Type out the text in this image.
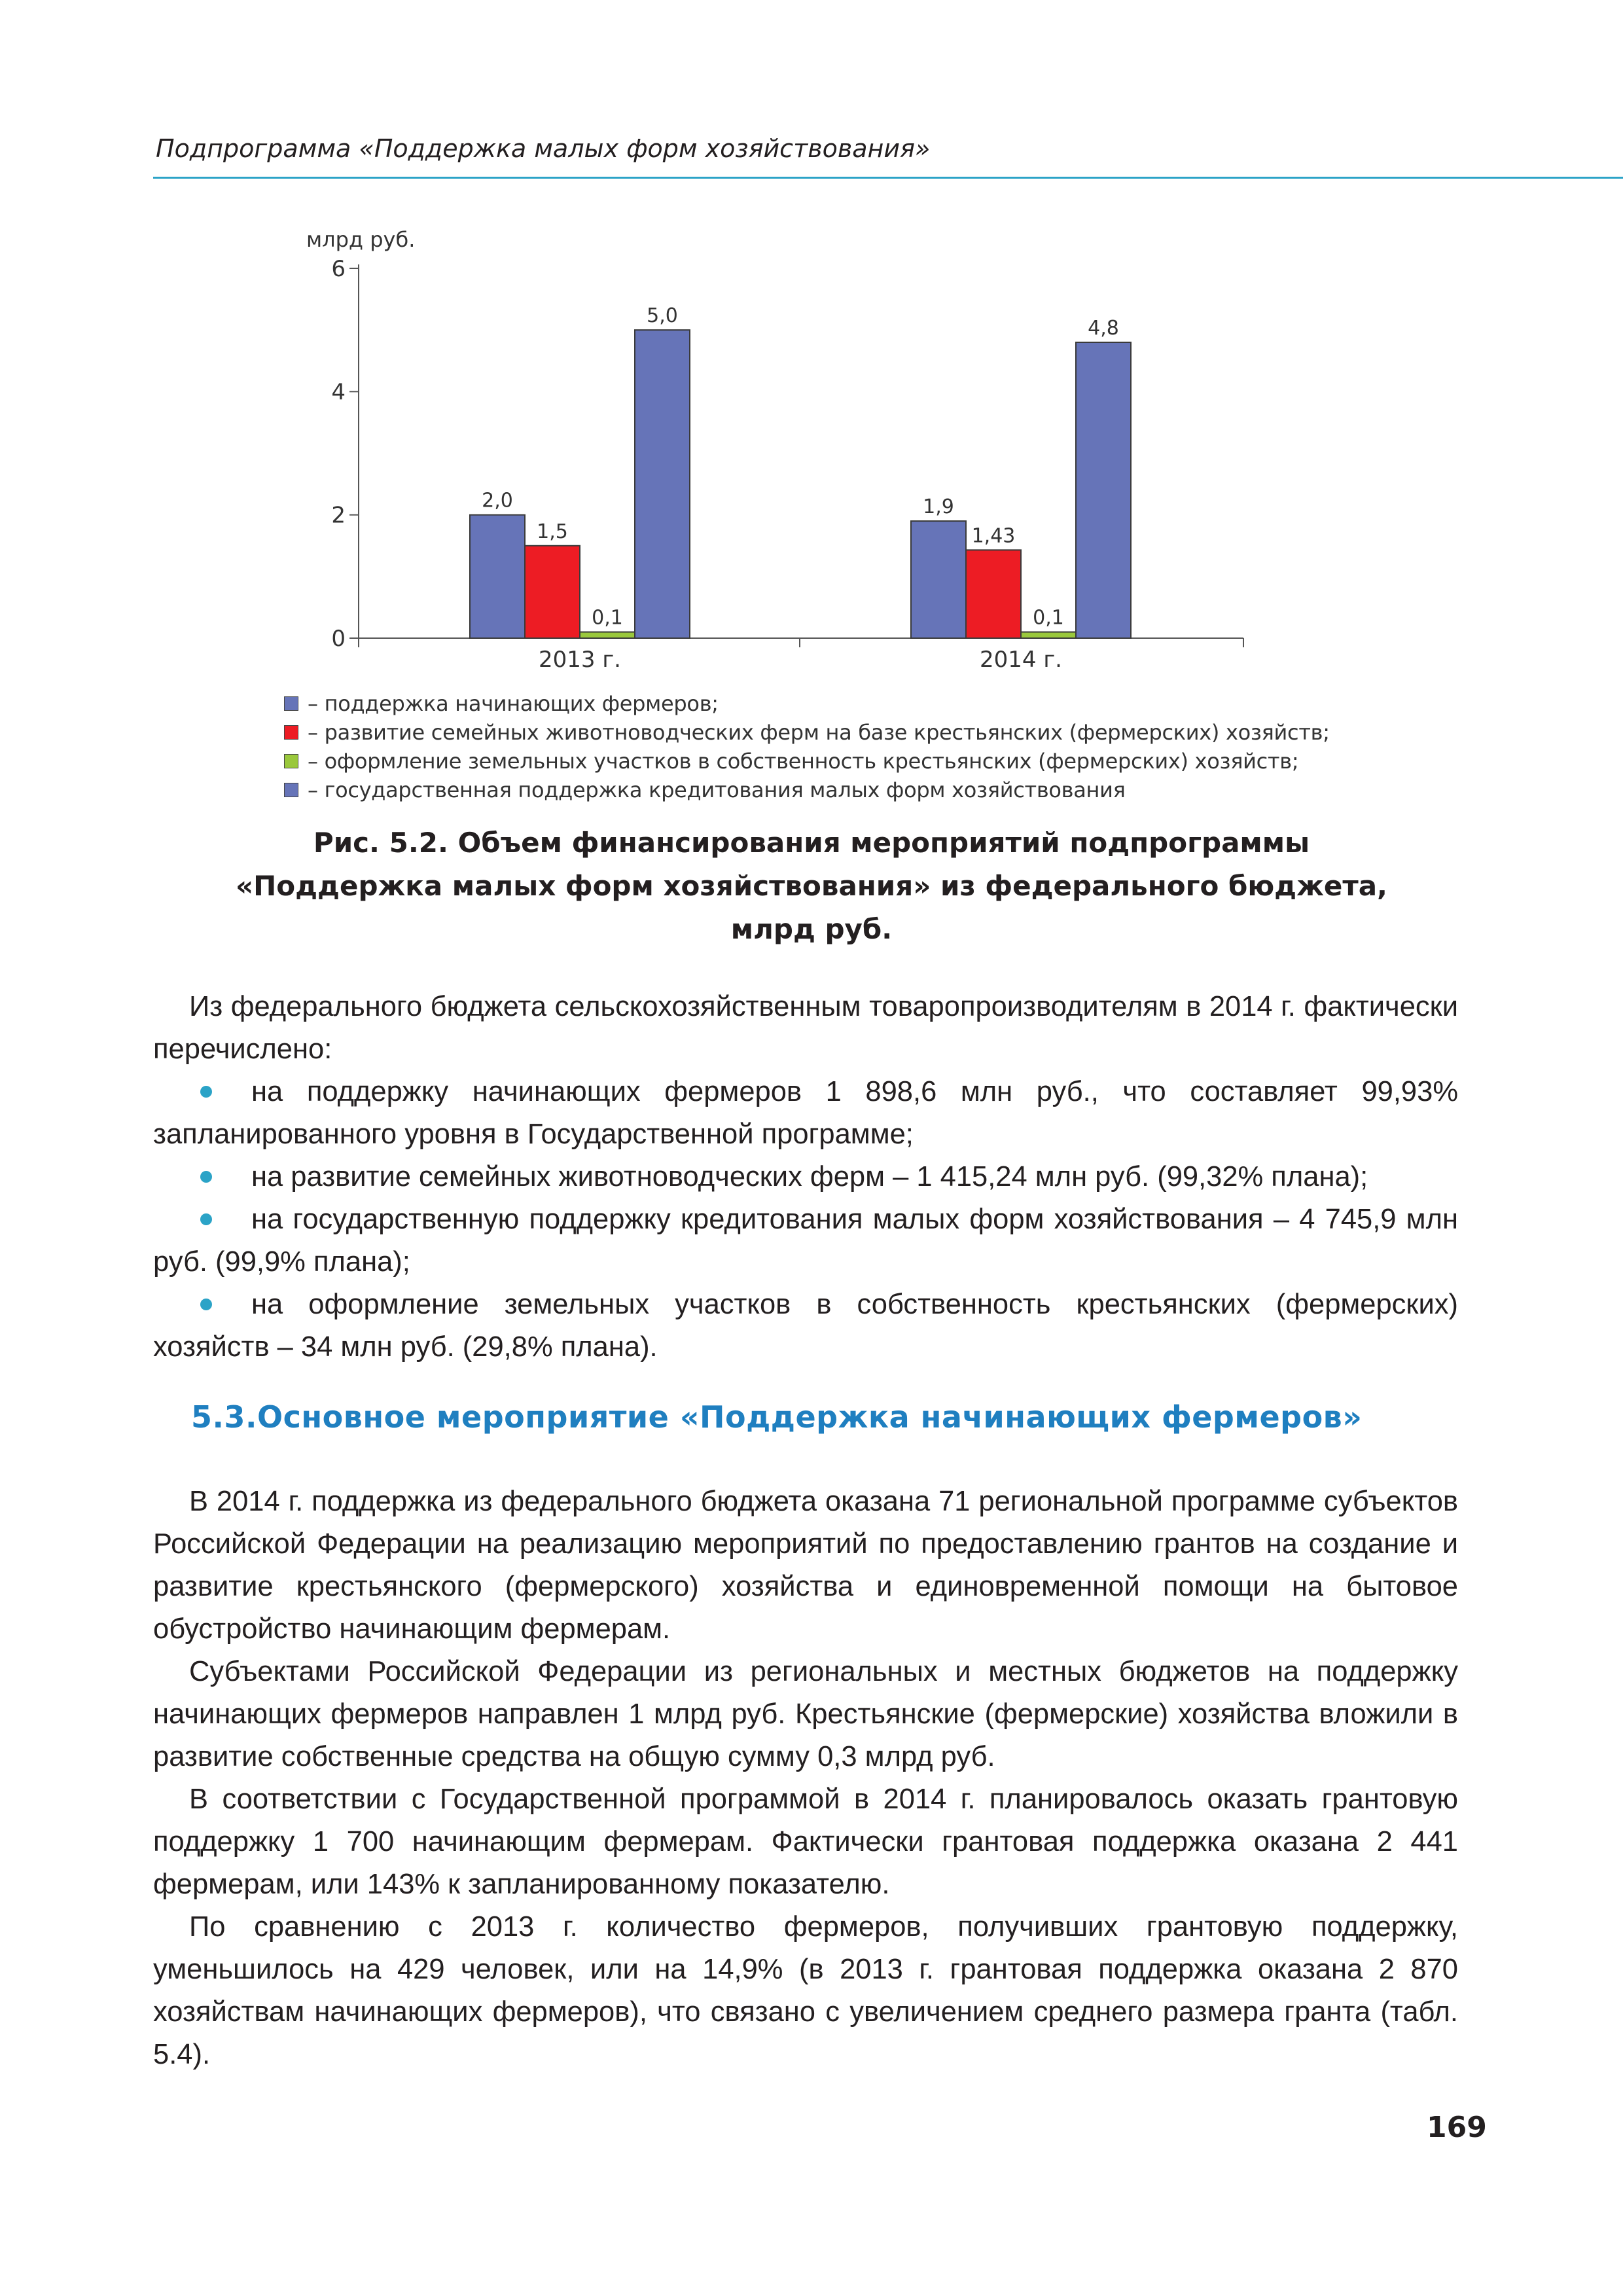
Подпрограмма «Поддержка малых форм хозяйствования»
млрд руб.
0
2
4
6
2,0
1,5
0,1
5,0
2013 г.
1,9
1,43
0,1
4,8
2014 г.
– поддержка начинающих фермеров;
– развитие семейных животноводческих ферм на базе крестьянских (фермерских) хозяйств;
– оформление земельных участков в собственность крестьянских (фермерских) хозяйств;
– государственная поддержка кредитования малых форм хозяйствования
Рис. 5.2. Объем финансирования мероприятий подпрограммы
«Поддержка малых форм хозяйствования» из федерального бюджета,
млрд руб.

Из федерального бюджета сельскохозяйственным товаропроизводителям в 2014 г. фактически перечислено:

на поддержку начинающих фермеров 1 898,6 млн руб., что составляет 99,93% запланированного уровня в Государственной программе;

на развитие семейных животноводческих ферм – 1 415,24 млн руб. (99,32% плана);

на государственную поддержку кредитования малых форм хозяйствования – 4 745,9 млн руб. (99,9% плана);

на оформление земельных участков в собственность крестьянских (фермерских) хозяйств – 34 млн руб. (29,8% плана).

5.3.Основное мероприятие «Поддержка начинающих фермеров»

В 2014 г. поддержка из федерального бюджета оказана 71 региональной программе субъектов Российской Федерации на реализацию мероприятий по предоставлению грантов на создание и развитие крестьянского (фермерского) хозяйства и единовременной помощи на бытовое обустройство начинающим фермерам.

Субъектами Российской Федерации из региональных и местных бюджетов на поддержку начинающих фермеров направлен 1 млрд руб. Крестьянские (фермерские) хозяйства вложили в развитие собственные средства на общую сумму 0,3 млрд руб.

В соответствии с Государственной программой в 2014 г. планировалось оказать грантовую поддержку 1 700 начинающим фермерам. Фактически грантовая поддержка оказана 2 441 фермерам, или 143% к запланированному показателю.

По сравнению с 2013 г. количество фермеров, получивших грантовую поддержку, уменьшилось на 429 человек, или на 14,9% (в 2013 г. грантовая поддержка оказана 2 870 хозяйствам начинающих фермеров), что связано с увеличением среднего размера гранта (табл. 5.4).

169
